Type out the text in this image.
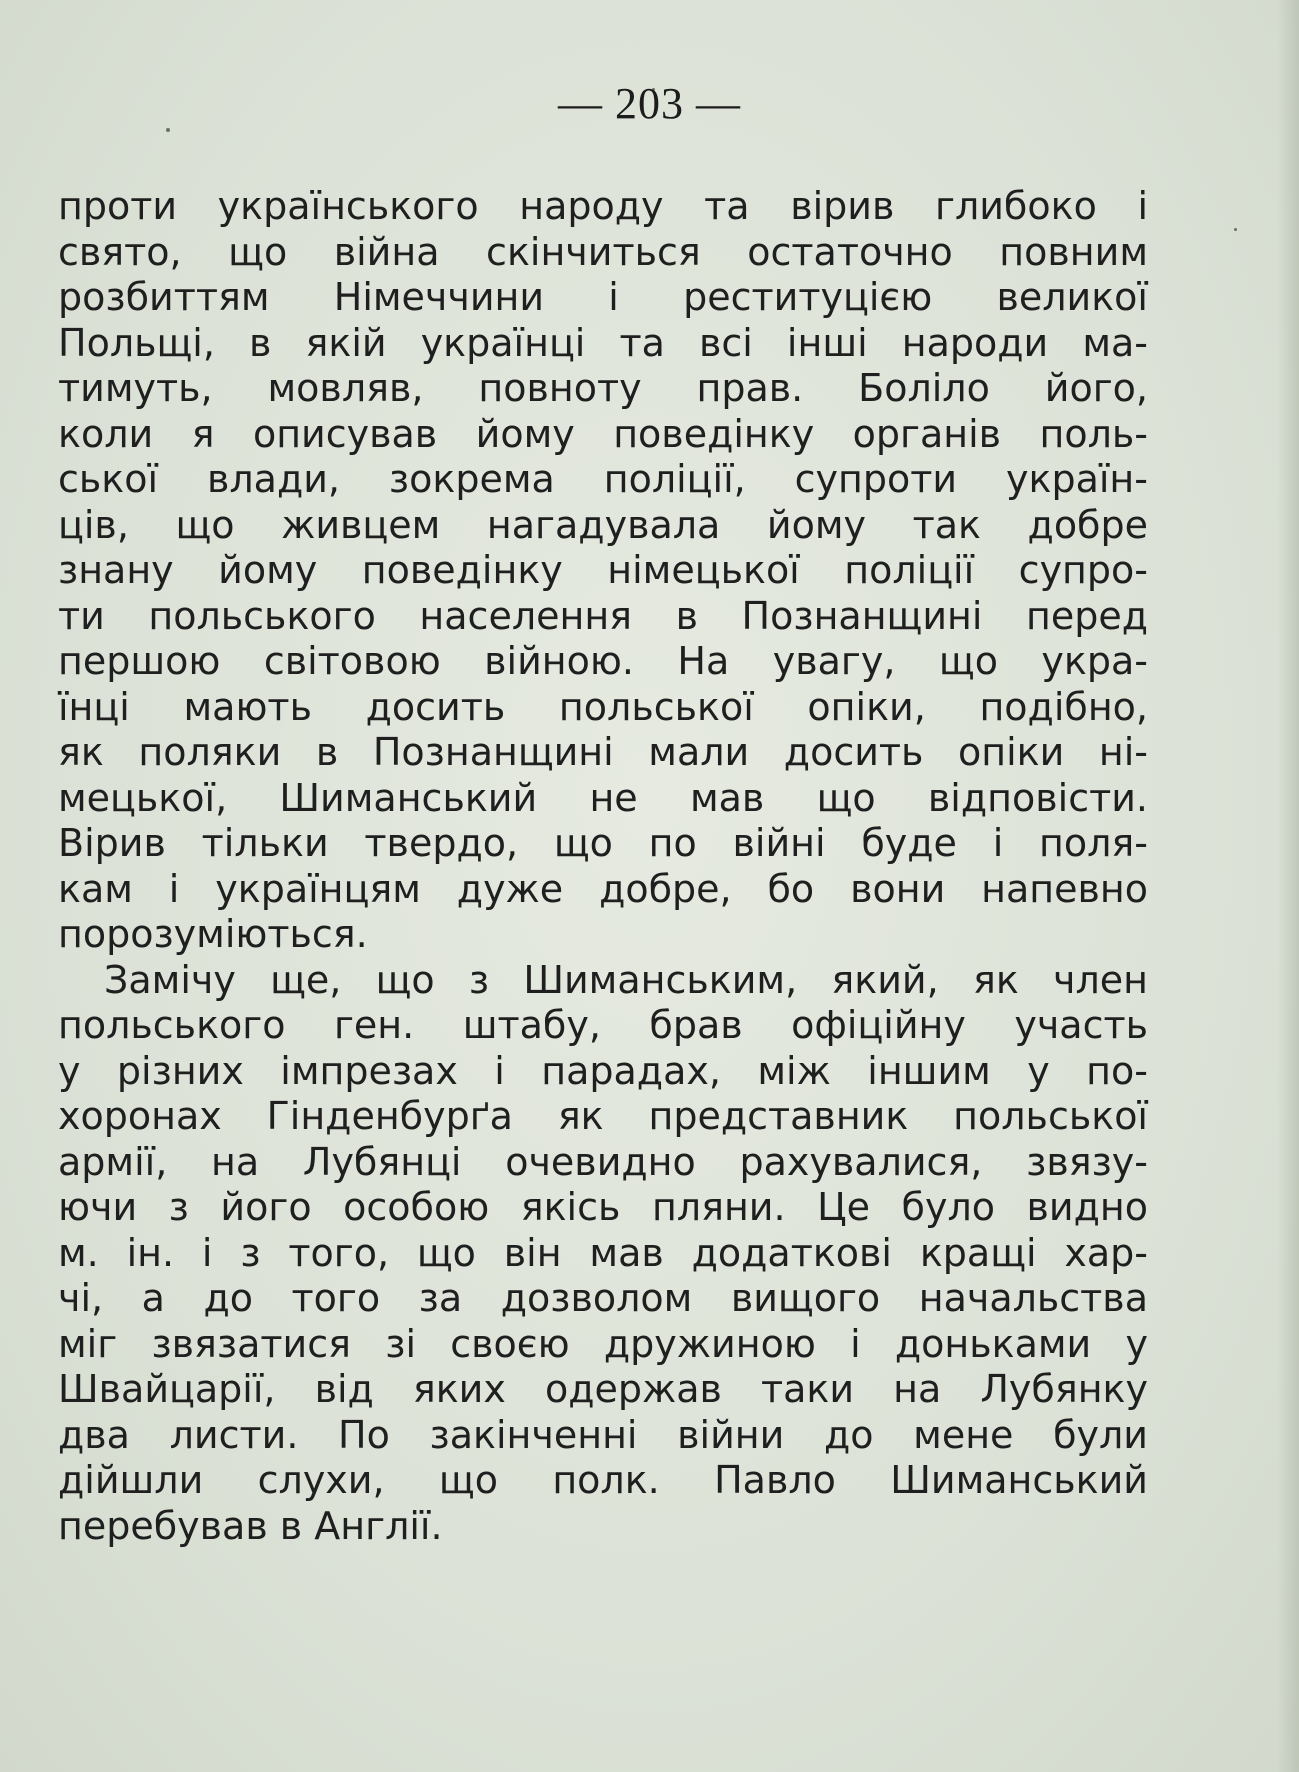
— 203 —
проти українського народу та вірив глибоко і
свято, що війна скінчиться остаточно повним
розбиттям Німеччини і реституцією великої
Польщі, в якій українці та всі інші народи ма-
тимуть, мовляв, повноту прав. Боліло його,
коли я описував йому поведінку органів поль-
ської влади, зокрема поліції, супроти україн-
ців, що живцем нагадувала йому так добре
знану йому поведінку німецької поліції супро-
ти польського населення в Познанщині перед
першою світовою війною. На увагу, що укра-
їнці мають досить польської опіки, подібно,
як поляки в Познанщині мали досить опіки ні-
мецької, Шиманський не мав що відповісти.
Вірив тільки твердо, що по війні буде і поля-
кам і українцям дуже добре, бо вони напевно
порозуміються.
Замічу ще, що з Шиманським, який, як член
польського ген. штабу, брав офіційну участь
у різних імпрезах і парадах, між іншим у по-
хоронах Гінденбурґа як представник польської
армії, на Лубянці очевидно рахувалися, звязу-
ючи з його особою якісь пляни. Це було видно
м. ін. і з того, що він мав додаткові кращі хар-
чі, а до того за дозволом вищого начальства
міг звязатися зі своєю дружиною і доньками у
Швайцарії, від яких одержав таки на Лубянку
два листи. По закінченні війни до мене були
дійшли слухи, що полк. Павло Шиманський
перебував в Англії.
